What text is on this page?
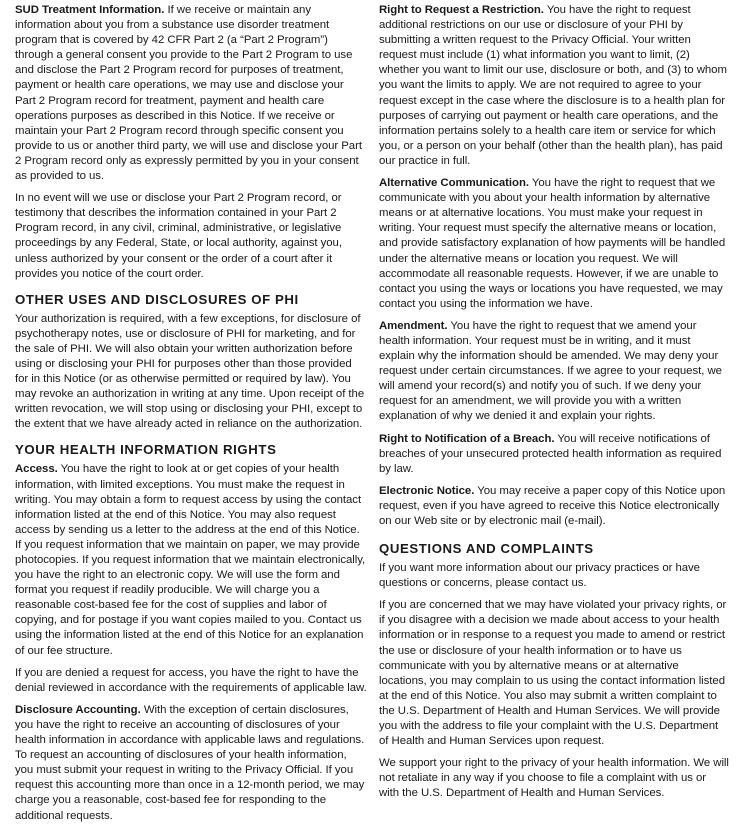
SUD Treatment Information. If we receive or maintain any information about you from a substance use disorder treatment program that is covered by 42 CFR Part 2 (a “Part 2 Program”) through a general consent you provide to the Part 2 Program to use and disclose the Part 2 Program record for purposes of treatment, payment or health care operations, we may use and disclose your Part 2 Program record for treatment, payment and health care operations purposes as described in this Notice. If we receive or maintain your Part 2 Program record through specific consent you provide to us or another third party, we will use and disclose your Part 2 Program record only as expressly permitted by you in your consent as provided to us.

In no event will we use or disclose your Part 2 Program record, or testimony that describes the information contained in your Part 2 Program record, in any civil, criminal, administrative, or legislative proceedings by any Federal, State, or local authority, against you, unless authorized by your consent or the order of a court after it provides you notice of the court order.

OTHER USES AND DISCLOSURES OF PHI

Your authorization is required, with a few exceptions, for disclosure of psychotherapy notes, use or disclosure of PHI for marketing, and for the sale of PHI. We will also obtain your written authorization before using or disclosing your PHI for purposes other than those provided for in this Notice (or as otherwise permitted or required by law). You may revoke an authorization in writing at any time. Upon receipt of the written revocation, we will stop using or disclosing your PHI, except to the extent that we have already acted in reliance on the authorization.

YOUR HEALTH INFORMATION RIGHTS

Access. You have the right to look at or get copies of your health information, with limited exceptions. You must make the request in writing. You may obtain a form to request access by using the contact information listed at the end of this Notice. You may also request access by sending us a letter to the address at the end of this Notice. If you request information that we maintain on paper, we may provide photocopies. If you request information that we maintain electronically, you have the right to an electronic copy. We will use the form and format you request if readily producible. We will charge you a reasonable cost-based fee for the cost of supplies and labor of copying, and for postage if you want copies mailed to you. Contact us using the information listed at the end of this Notice for an explanation of our fee structure.

If you are denied a request for access, you have the right to have the denial reviewed in accordance with the requirements of applicable law.

Disclosure Accounting. With the exception of certain disclosures, you have the right to receive an accounting of disclosures of your health information in accordance with applicable laws and regulations. To request an accounting of disclosures of your health information, you must submit your request in writing to the Privacy Official. If you request this accounting more than once in a 12-month period, we may charge you a reasonable, cost-based fee for responding to the additional requests.

Right to Request a Restriction. You have the right to request additional restrictions on our use or disclosure of your PHI by submitting a written request to the Privacy Official. Your written request must include (1) what information you want to limit, (2) whether you want to limit our use, disclosure or both, and (3) to whom you want the limits to apply. We are not required to agree to your request except in the case where the disclosure is to a health plan for purposes of carrying out payment or health care operations, and the information pertains solely to a health care item or service for which you, or a person on your behalf (other than the health plan), has paid our practice in full.

Alternative Communication. You have the right to request that we communicate with you about your health information by alternative means or at alternative locations. You must make your request in writing. Your request must specify the alternative means or location, and provide satisfactory explanation of how payments will be handled under the alternative means or location you request. We will accommodate all reasonable requests. However, if we are unable to contact you using the ways or locations you have requested, we may contact you using the information we have.

Amendment. You have the right to request that we amend your health information. Your request must be in writing, and it must explain why the information should be amended. We may deny your request under certain circumstances. If we agree to your request, we will amend your record(s) and notify you of such. If we deny your request for an amendment, we will provide you with a written explanation of why we denied it and explain your rights.

Right to Notification of a Breach. You will receive notifications of breaches of your unsecured protected health information as required by law.

Electronic Notice. You may receive a paper copy of this Notice upon request, even if you have agreed to receive this Notice electronically on our Web site or by electronic mail (e-mail).

QUESTIONS AND COMPLAINTS

If you want more information about our privacy practices or have questions or concerns, please contact us.

If you are concerned that we may have violated your privacy rights, or if you disagree with a decision we made about access to your health information or in response to a request you made to amend or restrict the use or disclosure of your health information or to have us communicate with you by alternative means or at alternative locations, you may complain to us using the contact information listed at the end of this Notice. You also may submit a written complaint to the U.S. Department of Health and Human Services. We will provide you with the address to file your complaint with the U.S. Department of Health and Human Services upon request.

We support your right to the privacy of your health information. We will not retaliate in any way if you choose to file a complaint with us or with the U.S. Department of Health and Human Services.
